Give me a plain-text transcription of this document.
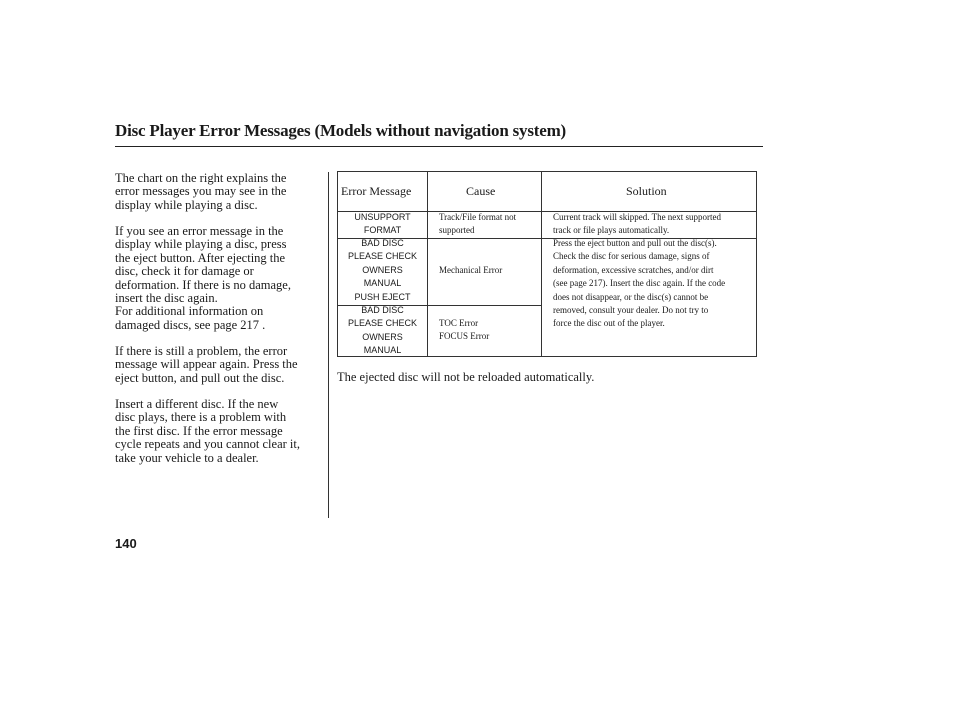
Disc Player Error Messages (Models without navigation system)
The chart on the right explains the
error messages you may see in the
display while playing a disc.
If you see an error message in the
display while playing a disc, press
the eject button. After ejecting the
disc, check it for damage or
deformation. If there is no damage,
insert the disc again.
For additional information on
damaged discs, see page 217 .
If there is still a problem, the error
message will appear again. Press the
eject button, and pull out the disc.
Insert a different disc. If the new
disc plays, there is a problem with
the first disc. If the error message
cycle repeats and you cannot clear it,
take your vehicle to a dealer.
Error Message	Cause	Solution
UNSUPPORT
FORMAT
Track/File format not
supported
Current track will skipped. The next supported
track or file plays automatically.
BAD DISC
PLEASE CHECK
OWNERS
MANUAL
PUSH EJECT
Mechanical Error
Press the eject button and pull out the disc(s).
Check the disc for serious damage, signs of
deformation, excessive scratches, and/or dirt
(see page 217). Insert the disc again. If the code
does not disappear, or the disc(s) cannot be
removed, consult your dealer. Do not try to
force the disc out of the player.
BAD DISC
PLEASE CHECK
OWNERS
MANUAL
TOC Error
FOCUS Error
The ejected disc will not be reloaded automatically.
140
